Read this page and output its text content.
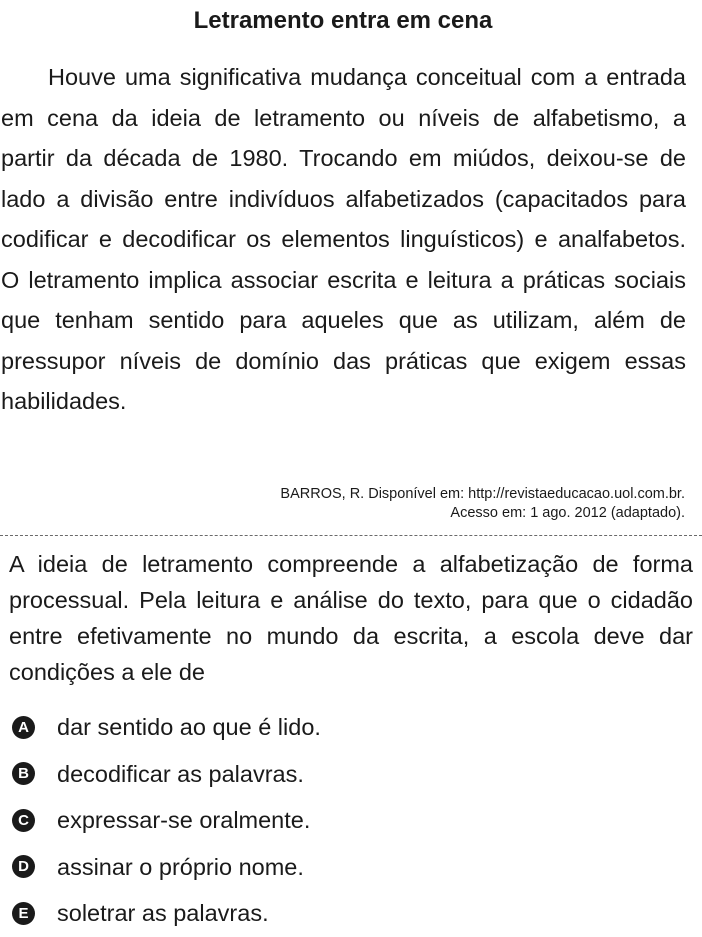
Letramento entra em cena

Houve uma significativa mudança conceitual com a entrada em cena da ideia de letramento ou níveis de alfabetismo, a partir da década de 1980. Trocando em miúdos, deixou-se de lado a divisão entre indivíduos alfabetizados (capacitados para codificar e decodificar os elementos linguísticos) e analfabetos. O letramento implica associar escrita e leitura a práticas sociais que tenham sentido para aqueles que as utilizam, além de pressupor níveis de domínio das práticas que exigem essas habilidades.

BARROS, R. Disponível em: http://revistaeducacao.uol.com.br.
Acesso em: 1 ago. 2012 (adaptado).

A ideia de letramento compreende a alfabetização de forma processual. Pela leitura e análise do texto, para que o cidadão entre efetivamente no mundo da escrita, a escola deve dar condições a ele de

A dar sentido ao que é lido.
B decodificar as palavras.
C expressar-se oralmente.
D assinar o próprio nome.
E soletrar as palavras.
